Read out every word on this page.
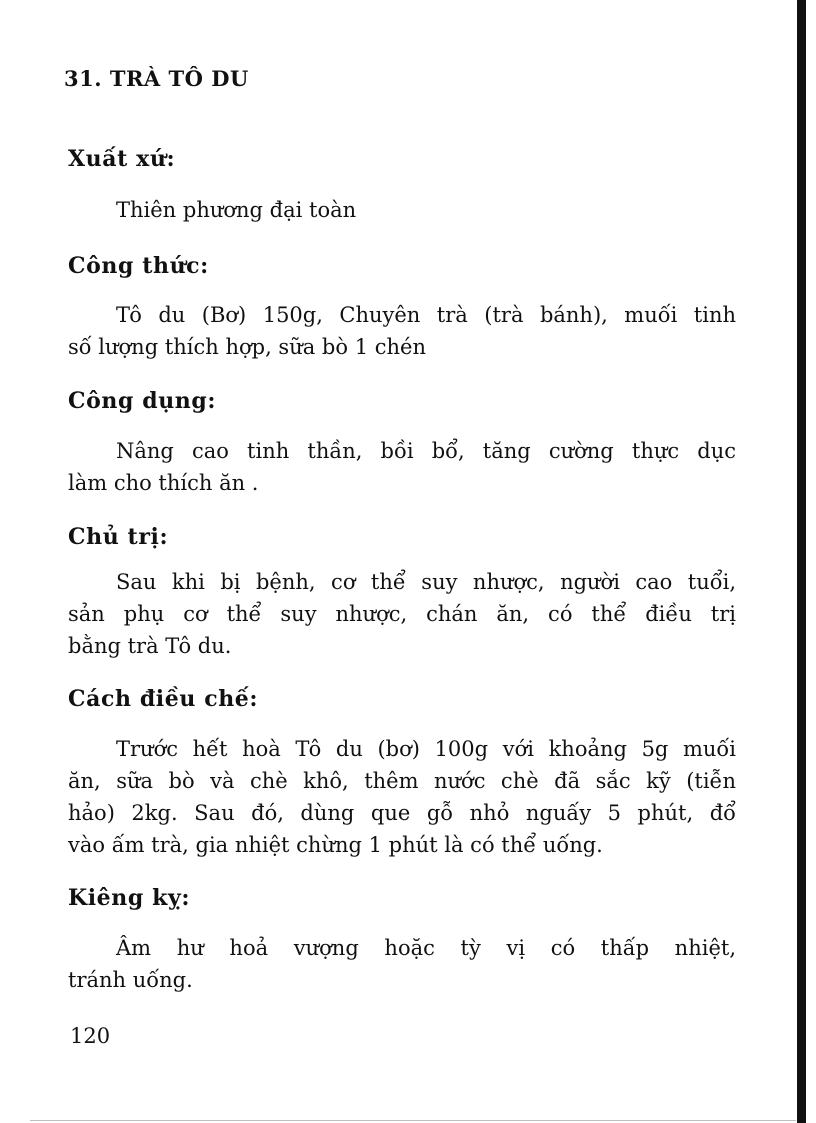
31. TRÀ TÔ DU
Xuất xứ:
Thiên phương đại toàn
Công thức:
Tô du (Bơ) 150g, Chuyên trà (trà bánh), muối tinh
số lượng thích hợp, sữa bò 1 chén
Công dụng:
Nâng cao tinh thần, bồi bổ, tăng cường thực dục
làm cho thích ăn .
Chủ trị:
Sau khi bị bệnh, cơ thể suy nhược, người cao tuổi,
sản phụ cơ thể suy nhược, chán ăn, có thể điều trị
bằng trà Tô du.
Cách điều chế:
Trước hết hoà Tô du (bơ) 100g với khoảng 5g muối
ăn, sữa bò và chè khô, thêm nước chè đã sắc kỹ (tiễn
hảo) 2kg. Sau đó, dùng que gỗ nhỏ nguấy 5 phút, đổ
vào ấm trà, gia nhiệt chừng 1 phút là có thể uống.
Kiêng kỵ:
Âm hư hoả vượng hoặc tỳ vị có thấp nhiệt,
tránh uống.
120
